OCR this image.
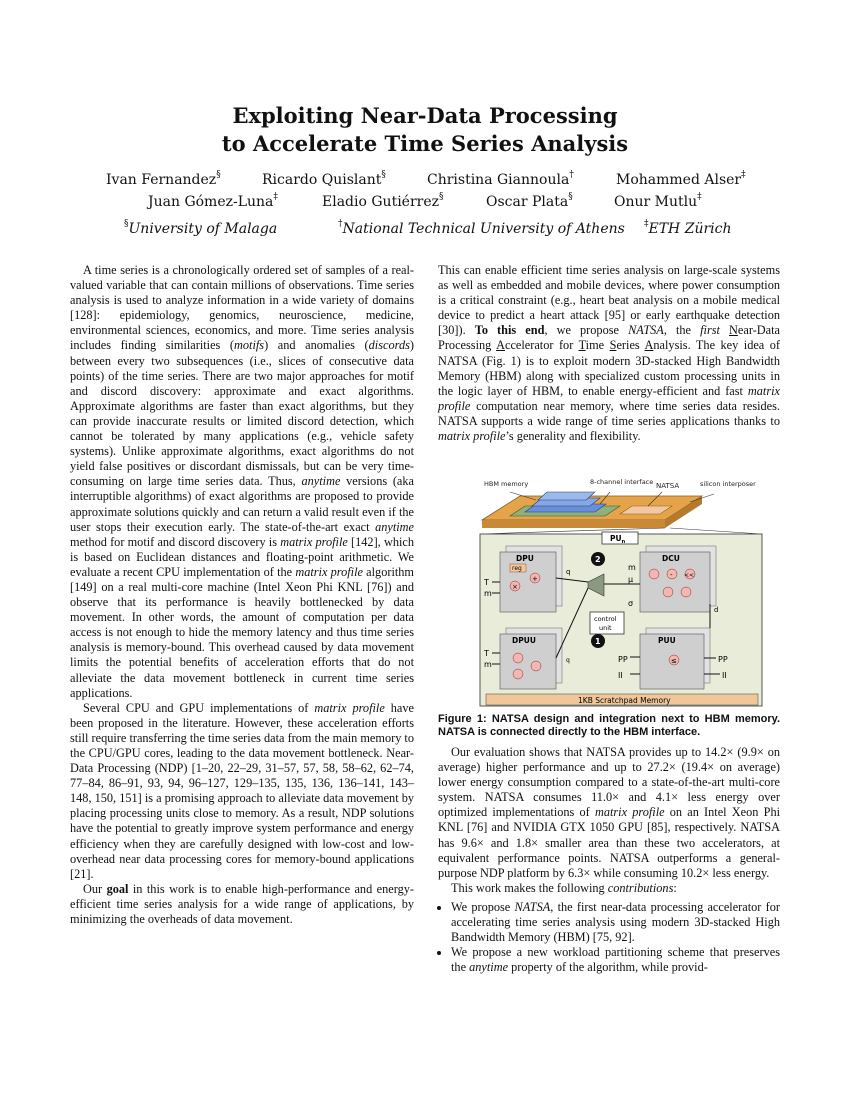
Exploiting Near-Data Processing
to Accelerate Time Series Analysis
Ivan Fernandez§	Ricardo Quislant§	Christina Giannoula†	Mohammed Alser‡
Juan Gómez-Luna‡	Eladio Gutiérrez§	Oscar Plata§	Onur Mutlu‡
§University of Malaga	†National Technical University of Athens ‡ETH Zürich

A time series is a chronologically ordered set of samples of a real-valued variable that can contain millions of observations. Time series analysis is used to analyze information in a wide variety of domains [128]: epidemiology, genomics, neuroscience, medicine, environmental sciences, economics, and more. Time series analysis includes finding similarities (motifs) and anomalies (discords) between every two subsequences (i.e., slices of consecutive data points) of the time series. There are two major approaches for motif and discord discovery: approximate and exact algorithms. Approximate algorithms are faster than exact algorithms, but they can provide inaccurate results or limited discord detection, which cannot be tolerated by many applications (e.g., vehicle safety systems). Unlike approximate algorithms, exact algorithms do not yield false positives or discordant dismissals, but can be very time-consuming on large time series data. Thus, anytime versions (aka interruptible algorithms) of exact algorithms are proposed to provide approximate solutions quickly and can return a valid result even if the user stops their execution early. The state-of-the-art exact anytime method for motif and discord discovery is matrix profile [142], which is based on Euclidean distances and floating-point arithmetic. We evaluate a recent CPU implementation of the matrix profile algorithm [149] on a real multi-core machine (Intel Xeon Phi KNL [76]) and observe that its performance is heavily bottlenecked by data movement. In other words, the amount of computation per data access is not enough to hide the memory latency and thus time series analysis is memory-bound. This overhead caused by data movement limits the potential benefits of acceleration efforts that do not alleviate the data movement bottleneck in current time series applications.

Several CPU and GPU implementations of matrix profile have been proposed in the literature. However, these acceleration efforts still require transferring the time series data from the main memory to the CPU/GPU cores, leading to the data movement bottleneck. Near-Data Processing (NDP) [1–20, 22–29, 31–57, 57, 58, 58–62, 62–74, 77–84, 86–91, 93, 94, 96–127, 129–135, 135, 136, 136–141, 143–148, 150, 151] is a promising approach to alleviate data movement by placing processing units close to memory. As a result, NDP solutions have the potential to greatly improve system performance and energy efficiency when they are carefully designed with low-cost and low-overhead near data processing cores for memory-bound applications [21].

Our goal in this work is to enable high-performance and energy-efficient time series analysis for a wide range of applications, by minimizing the overheads of data movement.

This can enable efficient time series analysis on large-scale systems as well as embedded and mobile devices, where power consumption is a critical constraint (e.g., heart beat analysis on a mobile medical device to predict a heart attack [95] or early earthquake detection [30]). To this end, we propose NATSA, the first Near-Data Processing Accelerator for Time Series Analysis. The key idea of NATSA (Fig. 1) is to exploit modern 3D-stacked High Bandwidth Memory (HBM) along with specialized custom processing units in the logic layer of HBM, to enable energy-efficient and fast matrix profile computation near memory, where time series data resides. NATSA supports a wide range of time series applications thanks to matrix profile’s generality and flexibility.

HBM memory	8-channel interface NATSA	silicon interposer
$PU_n$
DPU
reg
×
+
DCU
<<
-
control
unit
2
1
DPUU	PUU
≤
T
m
T
m
m
μ
σ
PP
II
PP
II
q
d
q
1KB Scratchpad Memory
Figure 1: NATSA design and integration next to HBM memory. NATSA is connected directly to the HBM interface.

Our evaluation shows that NATSA provides up to 14.2× (9.9× on average) higher performance and up to 27.2× (19.4× on average) lower energy consumption compared to a state-of-the-art multi-core system. NATSA consumes 11.0× and 4.1× less energy over optimized implementations of matrix profile on an Intel Xeon Phi KNL [76] and NVIDIA GTX 1050 GPU [85], respectively. NATSA has 9.6× and 1.8× smaller area than these two accelerators, at equivalent performance points. NATSA outperforms a general-purpose NDP platform by 6.3× while consuming 10.2× less energy.

This work makes the following contributions:

• We propose NATSA, the first near-data processing accelerator for accelerating time series analysis using modern 3D-stacked High Bandwidth Memory (HBM) [75, 92].
• We propose a new workload partitioning scheme that preserves the anytime property of the algorithm, while provid-
